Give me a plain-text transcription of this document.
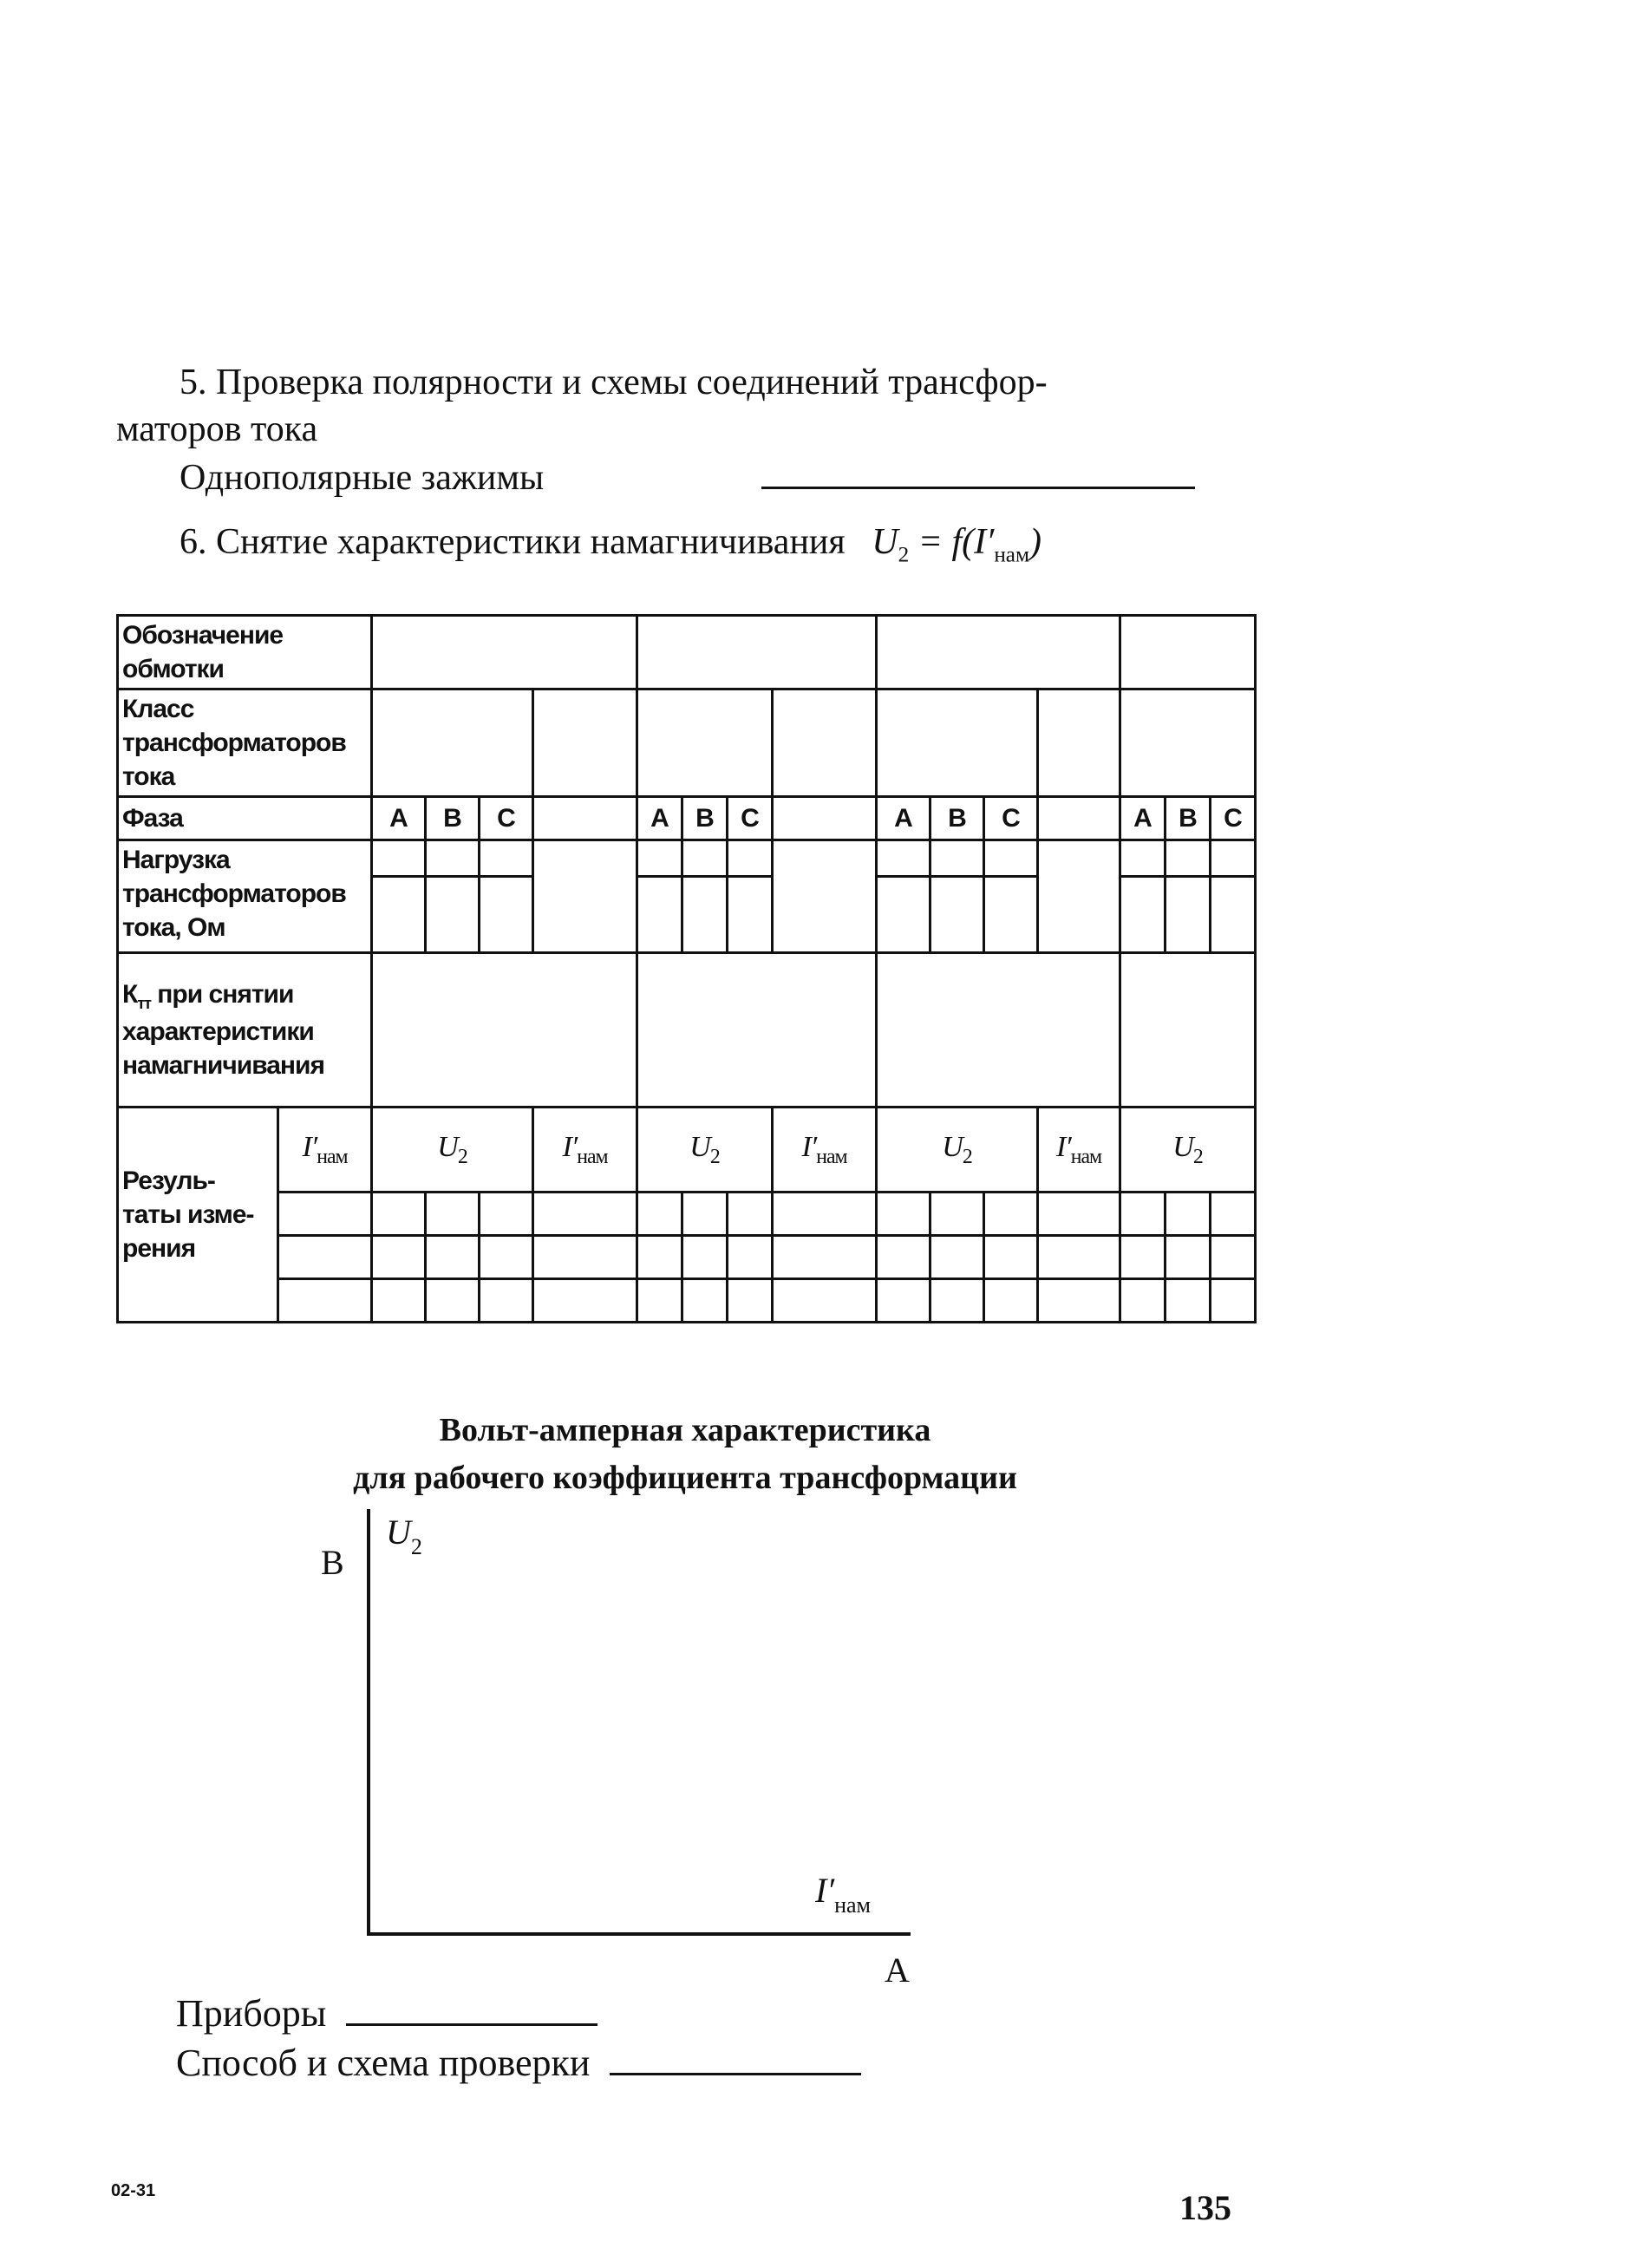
5. Проверка полярности и схемы соединений трансфор-
маторов тока
Однополярные зажимы
6. Снятие характеристики намагничивания $U_2 = f(I'_{нам})$
Обозначение обмотки																
Класс трансформаторов тока																
Фаза		A	B	C		A	B	C		A	B	C		A	B	C
Нагрузка трансформаторов тока, Ом																

$К_{тт}$ при снятии характеристики намагничивания																
Резуль-таты изме-рения	$I'_{нам}$	$U_2$			$I'_{нам}$	$U_2$			$I'_{нам}$	$U_2$			$I'_{нам}$	$U_2$

Вольт-амперная характеристика
для рабочего коэффициента трансформации
B
$U_2$
$I'_{нам}$
A
Приборы
Способ и схема проверки
02-31	135
